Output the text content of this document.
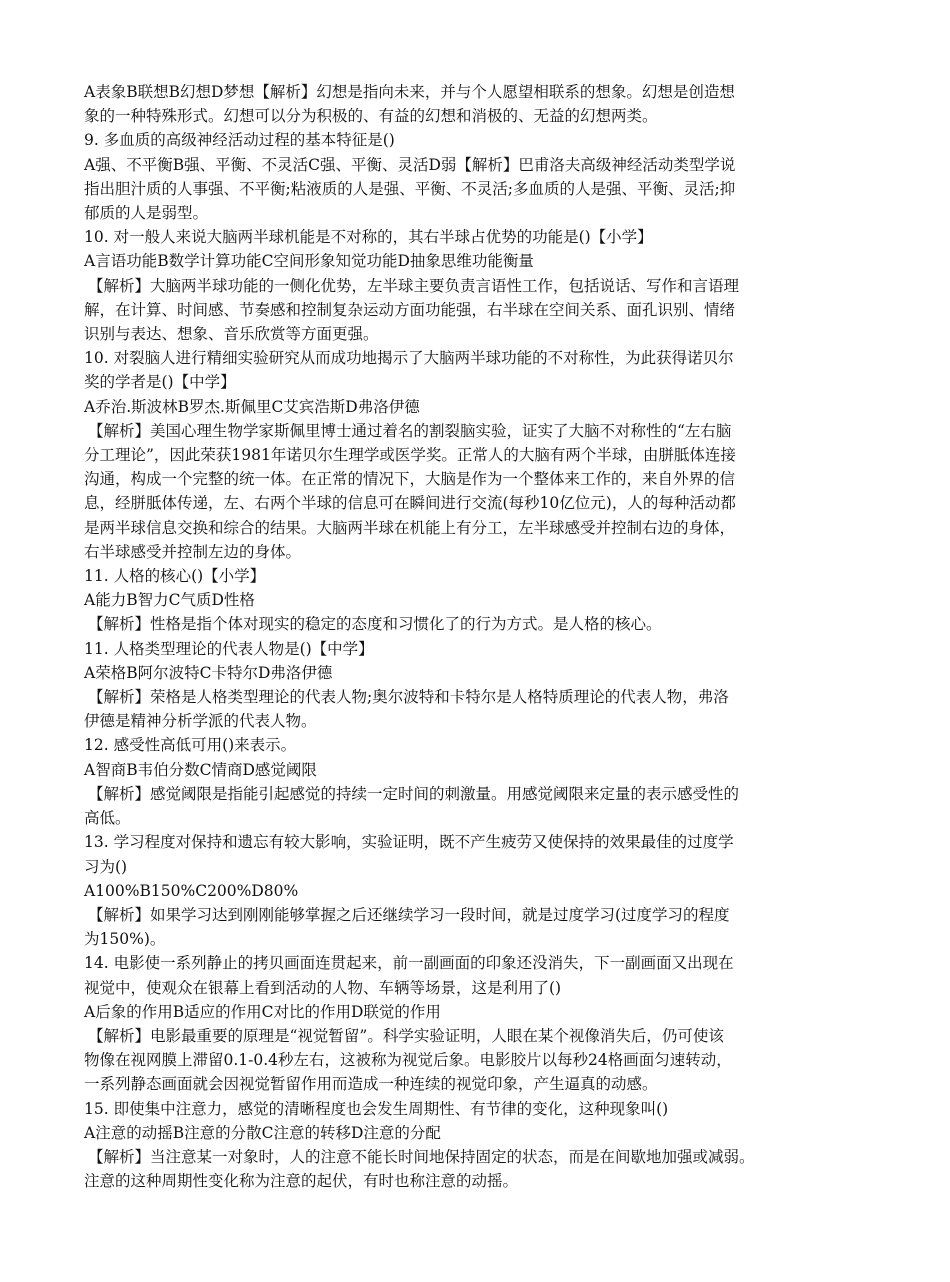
A表象B联想B幻想D梦想【解析】幻想是指向未来，并与个人愿望相联系的想象。幻想是创造想

象的一种特殊形式。幻想可以分为积极的、有益的幻想和消极的、无益的幻想两类。

9. 多血质的高级神经活动过程的基本特征是()

A强、不平衡B强、平衡、不灵活C强、平衡、灵活D弱【解析】巴甫洛夫高级神经活动类型学说

指出胆汁质的人事强、不平衡;粘液质的人是强、平衡、不灵活;多血质的人是强、平衡、灵活;抑

郁质的人是弱型。

10. 对一般人来说大脑两半球机能是不对称的，其右半球占优势的功能是()【小学】

A言语功能B数学计算功能C空间形象知觉功能D抽象思维功能衡量

【解析】大脑两半球功能的一侧化优势，左半球主要负责言语性工作，包括说话、写作和言语理

解，在计算、时间感、节奏感和控制复杂运动方面功能强，右半球在空间关系、面孔识别、情绪

识别与表达、想象、音乐欣赏等方面更强。

10. 对裂脑人进行精细实验研究从而成功地揭示了大脑两半球功能的不对称性，为此获得诺贝尔

奖的学者是()【中学】

A乔治.斯波林B罗杰.斯佩里C艾宾浩斯D弗洛伊德

【解析】美国心理生物学家斯佩里博士通过着名的割裂脑实验，证实了大脑不对称性的“左右脑

分工理论”，因此荣获1981年诺贝尔生理学或医学奖。正常人的大脑有两个半球，由胼胝体连接

沟通，构成一个完整的统一体。在正常的情况下，大脑是作为一个整体来工作的，来自外界的信

息，经胼胝体传递，左、右两个半球的信息可在瞬间进行交流(每秒10亿位元)，人的每种活动都

是两半球信息交换和综合的结果。大脑两半球在机能上有分工，左半球感受并控制右边的身体，

右半球感受并控制左边的身体。

11. 人格的核心()【小学】

A能力B智力C气质D性格

【解析】性格是指个体对现实的稳定的态度和习惯化了的行为方式。是人格的核心。

11. 人格类型理论的代表人物是()【中学】

A荣格B阿尔波特C卡特尔D弗洛伊德

【解析】荣格是人格类型理论的代表人物;奥尔波特和卡特尔是人格特质理论的代表人物，弗洛

伊德是精神分析学派的代表人物。

12. 感受性高低可用()来表示。

A智商B韦伯分数C情商D感觉阈限

【解析】感觉阈限是指能引起感觉的持续一定时间的刺激量。用感觉阈限来定量的表示感受性的

高低。

13. 学习程度对保持和遗忘有较大影响，实验证明，既不产生疲劳又使保持的效果最佳的过度学

习为()

A100%B150%C200%D80%

【解析】如果学习达到刚刚能够掌握之后还继续学习一段时间，就是过度学习(过度学习的程度

为150%)。

14. 电影使一系列静止的拷贝画面连贯起来，前一副画面的印象还没消失，下一副画面又出现在

视觉中，使观众在银幕上看到活动的人物、车辆等场景，这是利用了()

A后象的作用B适应的作用C对比的作用D联觉的作用

【解析】电影最重要的原理是“视觉暂留”。科学实验证明，人眼在某个视像消失后，仍可使该

物像在视网膜上滞留0.1-0.4秒左右，这被称为视觉后象。电影胶片以每秒24格画面匀速转动，

一系列静态画面就会因视觉暂留作用而造成一种连续的视觉印象，产生逼真的动感。

15. 即使集中注意力，感觉的清晰程度也会发生周期性、有节律的变化，这种现象叫()

A注意的动摇B注意的分散C注意的转移D注意的分配

【解析】当注意某一对象时，人的注意不能长时间地保持固定的状态，而是在间歇地加强或减弱。

注意的这种周期性变化称为注意的起伏，有时也称注意的动摇。
